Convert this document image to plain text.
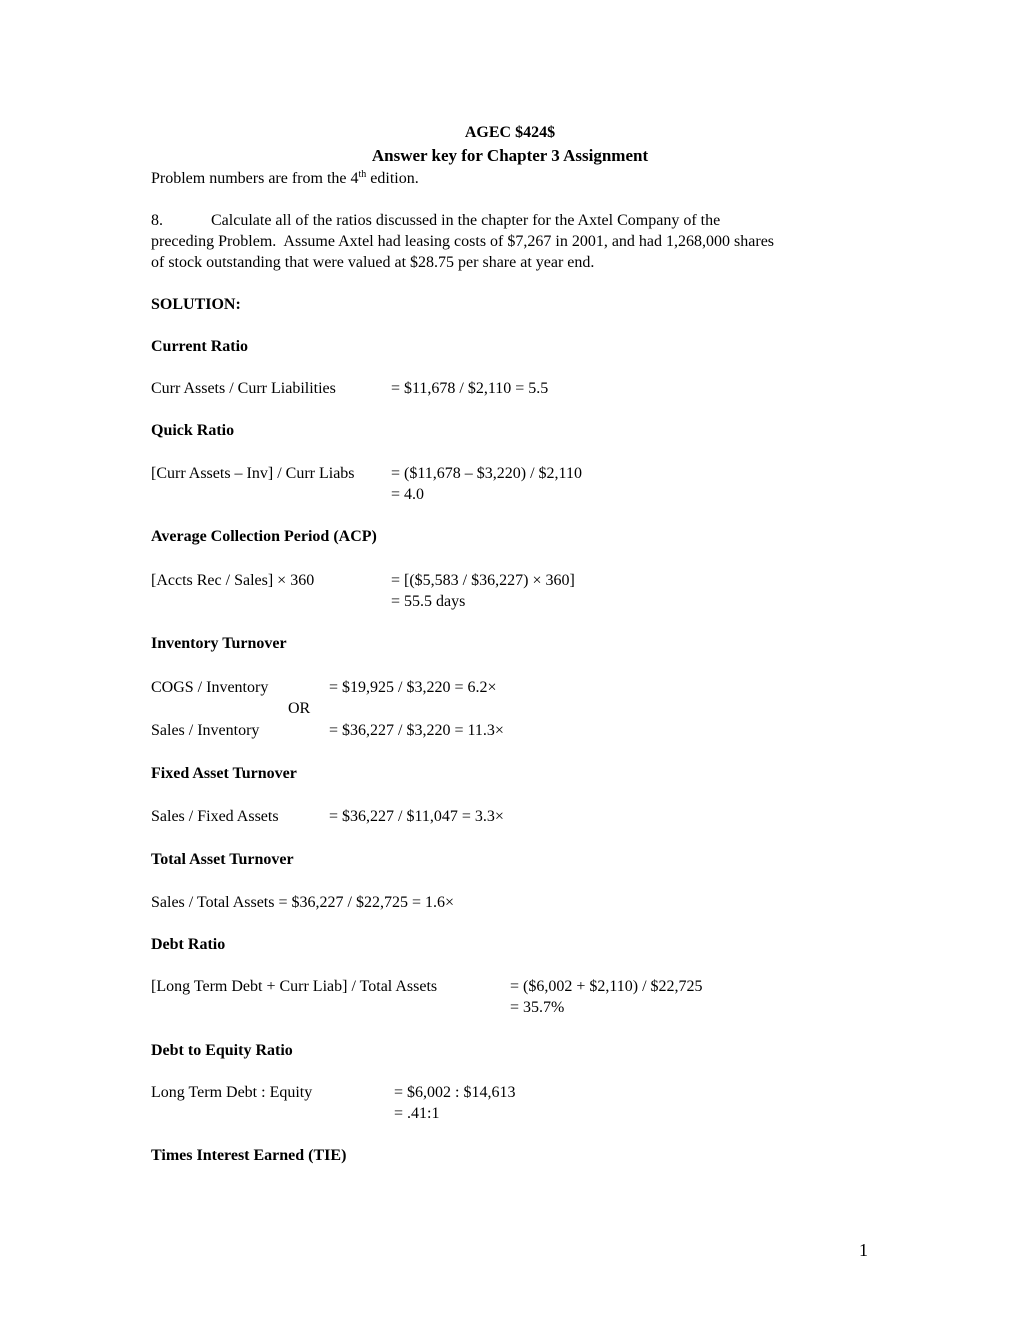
AGEC $424$
Answer key for Chapter 3 Assignment
Problem numbers are from the 4th edition.
8.	Calculate all of the ratios discussed in the chapter for the Axtel Company of the
preceding Problem.  Assume Axtel had leasing costs of $7,267 in 2001, and had 1,268,000 shares
of stock outstanding that were valued at $28.75 per share at year end.
SOLUTION:
Current Ratio
Curr Assets / Curr Liabilities	= $11,678 / $2,110 = 5.5
Quick Ratio
[Curr Assets – Inv] / Curr Liabs = ($11,678 – $3,220) / $2,110
= 4.0
Average Collection Period (ACP)
[Accts Rec / Sales] × 360	= [($5,583 / $36,227) × 360]
= 55.5 days
Inventory Turnover
COGS / Inventory	= $19,925 / $3,220 = 6.2×
OR
Sales / Inventory	= $36,227 / $3,220 = 11.3×
Fixed Asset Turnover
Sales / Fixed Assets	= $36,227 / $11,047 = 3.3×
Total Asset Turnover
Sales / Total Assets = $36,227 / $22,725 = 1.6×
Debt Ratio
[Long Term Debt + Curr Liab] / Total Assets	= ($6,002 + $2,110) / $22,725
= 35.7%
Debt to Equity Ratio
Long Term Debt : Equity	= $6,002 : $14,613
= .41:1
Times Interest Earned (TIE)
1
